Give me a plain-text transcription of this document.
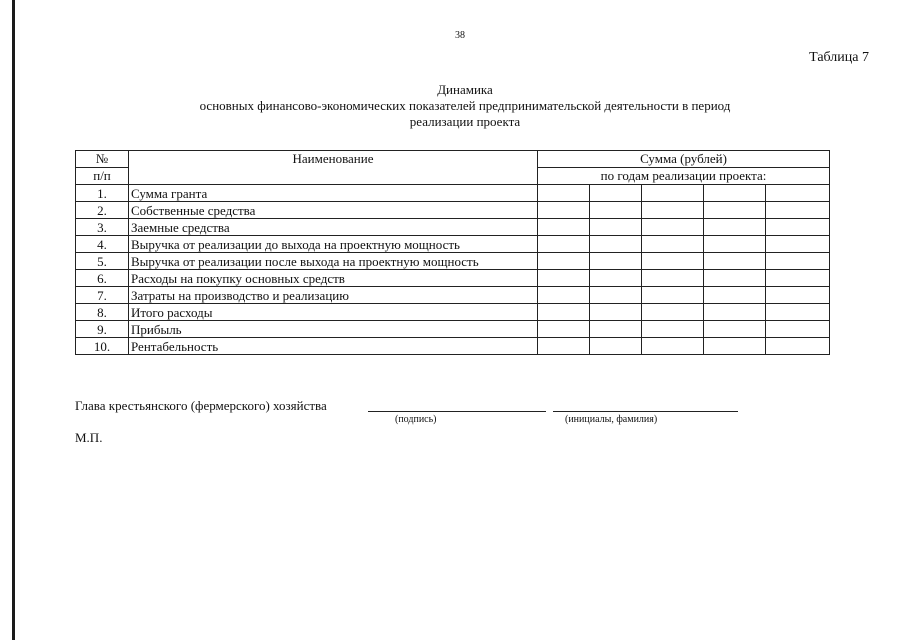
38
Таблица 7
Динамика
основных финансово-экономических показателей предпринимательской деятельности в период
реализации проекта
№	Наименование	Сумма (рублей)				
п/п		по годам реализации проекта:				
1.	Сумма гранта					
2.	Собственные средства					
3.	Заемные средства					
4.	Выручка от реализации до выхода на проектную мощность					
5.	Выручка от реализации после выхода на проектную мощность					
6.	Расходы на покупку основных средств					
7.	Затраты на производство и реализацию					
8.	Итого расходы					
9.	Прибыль					
10.	Рентабельность					
Глава крестьянского (фермерского) хозяйства
(подпись)	(инициалы, фамилия)
М.П.
